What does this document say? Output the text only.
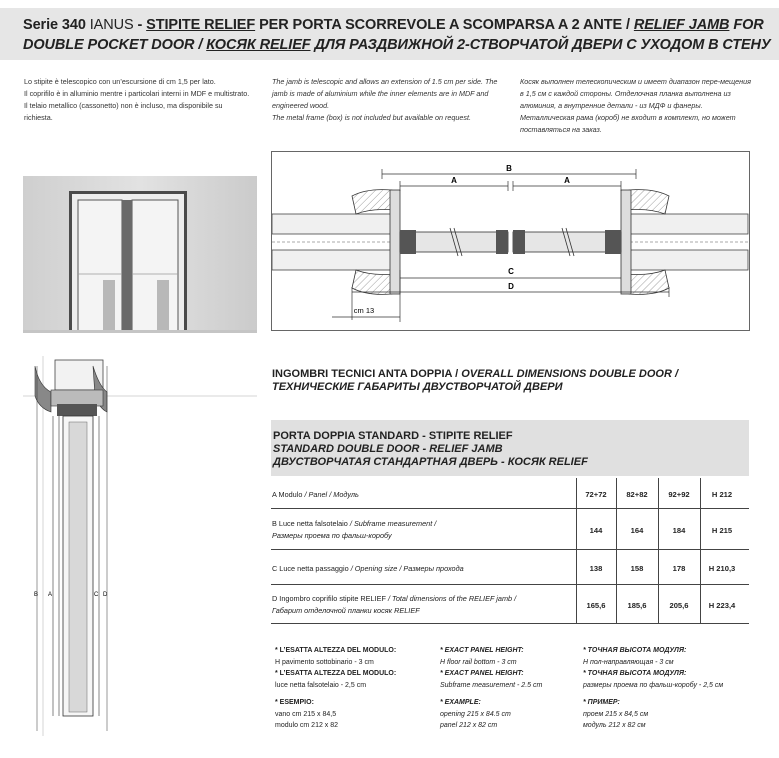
Serie 340 IANUS - STIPITE RELIEF PER PORTA SCORREVOLE A SCOMPARSA A 2 ANTE / RELIEF JAMB FOR
DOUBLE POCKET DOOR / КОСЯК RELIEF ДЛЯ РАЗДВИЖНОЙ 2-СТВОРЧАТОЙ ДВЕРИ С УХОДОМ В СТЕНУ

Lo stipite è telescopico con un’escursione di cm 1,5 per lato.

Il coprifilo è in alluminio mentre i particolari interni in MDF e multistrato.

Il telaio metallico (cassonetto) non è incluso, ma disponibile su richiesta.

The jamb is telescopic and allows an extension of 1.5 cm per side. The jamb is made of aluminium while the inner elements are in MDF and engineered wood.

The metal frame (box) is not included but available on request.

Косяк выполнен телескопическим и имеет диапазон пере-мещения в 1,5 см с каждой стороны. Отделочная планка выполнена из алюминия, а внутренние детали - из МДФ и фанеры. Металлическая рама (короб) не входит в комплект, но может поставляться на заказ.

B
A	A
C
D
cm 13
B A	C D
INGOMBRI TECNICI ANTA DOPPIA / OVERALL DIMENSIONS DOUBLE DOOR /
ТЕХНИЧЕСКИЕ ГАБАРИТЫ ДВУСТВОРЧАТОЙ ДВЕРИ
PORTA DOPPIA STANDARD - STIPITE RELIEF
STANDARD DOUBLE DOOR - RELIEF JAMB
ДВУСТВОРЧАТАЯ СТАНДАРТНАЯ ДВЕРЬ - КОСЯК RELIEF
A Modulo / Panel / Модуль	72+72	82+82	92+92	H 212
B Luce netta falsotelaio / Subframe measurement /
Размеры проема по фальш-коробу
144	164	184	H 215
C Luce netta passaggio / Opening size / Размеры прохода	138	158	178	H 210,3
D Ingombro coprifilo stipite RELIEF / Total dimensions of the RELIEF jamb /
Габарит отделочной планки косяк RELIEF
165,6	185,6	205,6	H 223,4
* L’ESATTA ALTEZZA DEL MODULO:
H pavimento sottobinario - 3 cm
* L’ESATTA ALTEZZA DEL MODULO:
luce netta falsotelaio - 2,5 cm
* ESEMPIO:
vano cm 215 x 84,5
modulo cm 212 x 82
* EXACT PANEL HEIGHT:
H floor rail bottom - 3 cm
* EXACT PANEL HEIGHT:
Subframe measurement - 2.5 cm
* EXAMPLE:
opening 215 x 84.5 cm
panel 212 x 82 cm
* ТОЧНАЯ ВЫСОТА МОДУЛЯ:
H пол-направляющая - 3 см
* ТОЧНАЯ ВЫСОТА МОДУЛЯ:
размеры проема по фальш-коробу - 2,5 см
* ПРИМЕР:
проем 215 x 84,5 см
модуль 212 x 82 см
